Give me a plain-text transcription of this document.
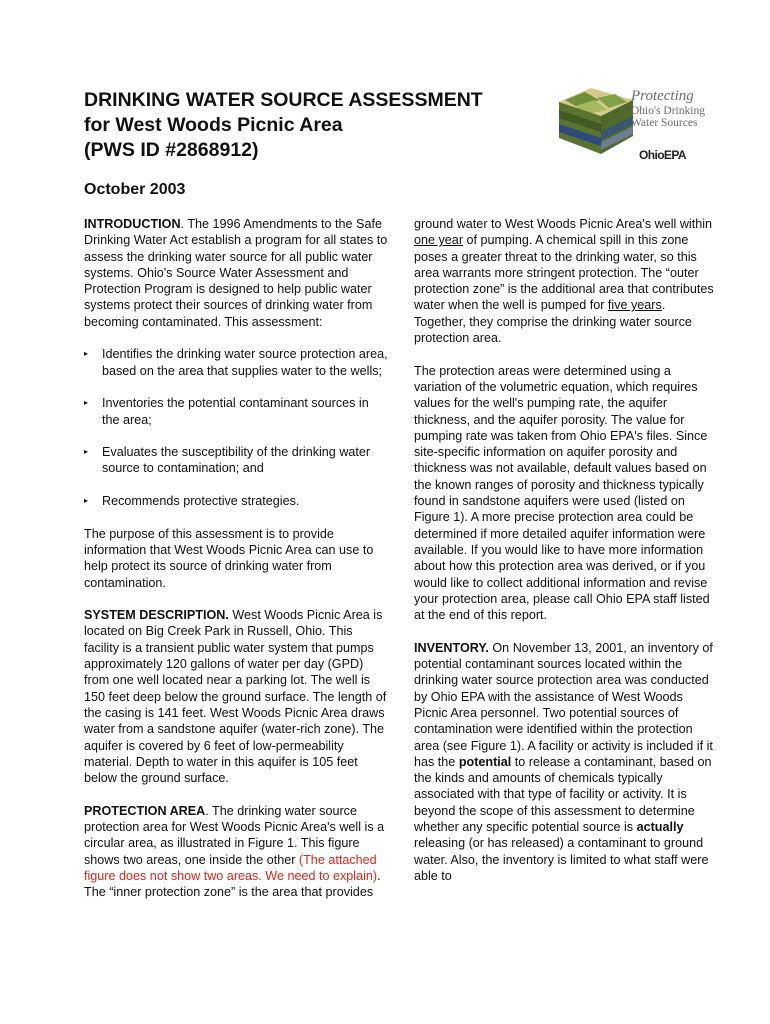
DRINKING WATER SOURCE ASSESSMENT
for West Woods Picnic Area
(PWS ID #2868912)
Protecting
Ohio's Drinking
Water Sources
OhioEPA
October 2003

INTRODUCTION. The 1996 Amendments to the Safe Drinking Water Act establish a program for all states to assess the drinking water source for all public water systems. Ohio's Source Water Assessment and Protection Program is designed to help public water systems protect their sources of drinking water from becoming contaminated. This assessment:

▸ Identifies the drinking water source protection area, based on the area that supplies water to the wells;
▸ Inventories the potential contaminant sources in the area;
▸ Evaluates the susceptibility of the drinking water source to contamination; and
▸ Recommends protective strategies.

The purpose of this assessment is to provide information that West Woods Picnic Area can use to help protect its source of drinking water from contamination.

SYSTEM DESCRIPTION. West Woods Picnic Area is located on Big Creek Park in Russell, Ohio. This facility is a transient public water system that pumps approximately 120 gallons of water per day (GPD) from one well located near a parking lot. The well is 150 feet deep below the ground surface. The length of the casing is 141 feet. West Woods Picnic Area draws water from a sandstone aquifer (water-rich zone). The aquifer is covered by 6 feet of low-permeability material. Depth to water in this aquifer is 105 feet below the ground surface.

PROTECTION AREA. The drinking water source protection area for West Woods Picnic Area's well is a circular area, as illustrated in Figure 1. This figure shows two areas, one inside the other (The attached figure does not show two areas. We need to explain). The “inner protection zone” is the area that provides

ground water to West Woods Picnic Area's well within one year of pumping. A chemical spill in this zone poses a greater threat to the drinking water, so this area warrants more stringent protection. The “outer protection zone” is the additional area that contributes water when the well is pumped for five years. Together, they comprise the drinking water source protection area.

The protection areas were determined using a variation of the volumetric equation, which requires values for the well's pumping rate, the aquifer thickness, and the aquifer porosity. The value for pumping rate was taken from Ohio EPA's files. Since site-specific information on aquifer porosity and thickness was not available, default values based on the known ranges of porosity and thickness typically found in sandstone aquifers were used (listed on Figure 1). A more precise protection area could be determined if more detailed aquifer information were available. If you would like to have more information about how this protection area was derived, or if you would like to collect additional information and revise your protection area, please call Ohio EPA staff listed at the end of this report.

INVENTORY. On November 13, 2001, an inventory of potential contaminant sources located within the drinking water source protection area was conducted by Ohio EPA with the assistance of West Woods Picnic Area personnel. Two potential sources of contamination were identified within the protection area (see Figure 1). A facility or activity is included if it has the potential to release a contaminant, based on the kinds and amounts of chemicals typically associated with that type of facility or activity. It is beyond the scope of this assessment to determine whether any specific potential source is actually releasing (or has released) a contaminant to ground water. Also, the inventory is limited to what staff were able to
